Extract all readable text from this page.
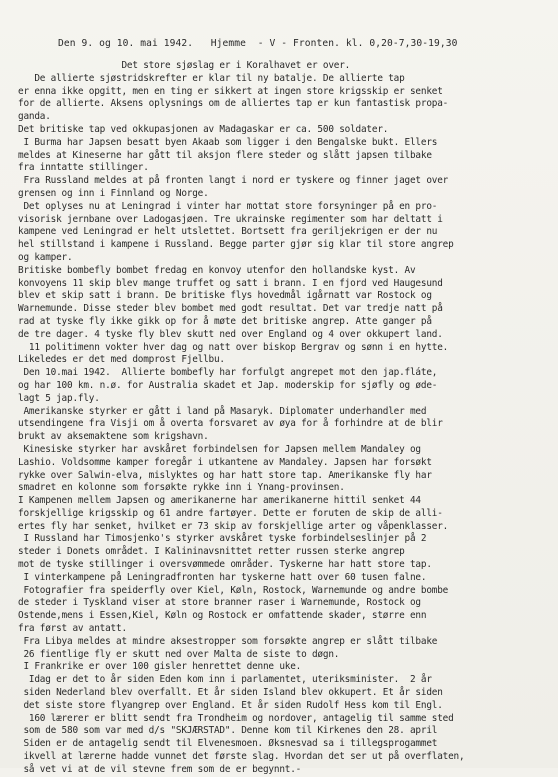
Den 9. og 10. mai 1942.   Hjemme  - V - Fronten. kl. 0,20-7,30-19,30
Det store sjøslag er i Koralhavet er over.
De allierte sjøstridskrefter er klar til ny batalje. De allierte tap
er enna ikke opgitt, men en ting er sikkert at ingen store krigsskip er senket
for de allierte. Aksens oplysnings om de alliertes tap er kun fantastisk propa-
ganda.
Det britiske tap ved okkupasjonen av Madagaskar er ca. 500 soldater.
I Burma har Japsen besatt byen Akaab som ligger i den Bengalske bukt. Ellers
meldes at Kineserne har gått til aksjon flere steder og slått japsen tilbake
fra inntatte stillinger.
Fra Russland meldes at på fronten langt i nord er tyskere og finner jaget over
grensen og inn i Finnland og Norge.
Det oplyses nu at Leningrad i vinter har mottat store forsyninger på en pro-
visorisk jernbane over Ladogasjøen. Tre ukrainske regimenter som har deltatt i
kampene ved Leningrad er helt utslettet. Bortsett fra geriljekrigen er der nu
hel stillstand i kampene i Russland. Begge parter gjør sig klar til store angrep
og kamper.
Britiske bombefly bombet fredag en konvoy utenfor den hollandske kyst. Av
konvoyens 11 skip blev mange truffet og satt i brann. I en fjord ved Haugesund
blev et skip satt i brann. De britiske flys hovedmål igårnatt var Rostock og
Warnemunde. Disse steder blev bombet med godt resultat. Det var tredje natt på
rad at tyske fly ikke gikk op for å møte det britiske angrep. Atte ganger på
de tre dager. 4 tyske fly blev skutt ned over England og 4 over okkupert land.
11 politimenn vokter hver dag og natt over biskop Bergrav og sønn i en hytte.
Likeledes er det med domprost Fjellbu.
Den 10.mai 1942.  Allierte bombefly har forfulgt angrepet mot den jap.fláte,
og har 100 km. n.ø. for Australia skadet et Jap. moderskip for sjøfly og øde-
lagt 5 jap.fly.
Amerikanske styrker er gått i land på Masaryk. Diplomater underhandler med
utsendingene fra Visji om å overta forsvaret av øya for å forhindre at de blir
brukt av aksemaktene som krigshavn.
Kinesiske styrker har avskåret forbindelsen for Japsen mellem Mandaley og
Lashio. Voldsomme kamper foregår i utkantene av Mandaley. Japsen har forsøkt
rykke over Salwin-elva, mislyktes og har hatt store tap. Amerikanske fly har
smadret en kolonne som forsøkte rykke inn i Ynang-provinsen.
I Kampenen mellem Japsen og amerikanerne har amerikanerne hittil senket 44
forskjellige krigsskip og 61 andre fartøyer. Dette er foruten de skip de alli-
ertes fly har senket, hvilket er 73 skip av forskjellige arter og våpenklasser.
I Russland har Timosjenko's styrker avskåret tyske forbindelseslinjer på 2
steder i Donets området. I Kalininavsnittet retter russen sterke angrep
mot de tyske stillinger i oversvømmede områder. Tyskerne har hatt store tap.
I vinterkampene på Leningradfronten har tyskerne hatt over 60 tusen falne.
Fotografier fra speiderfly over Kiel, Køln, Rostock, Warnemunde og andre bombe
de steder i Tyskland viser at store branner raser i Warnemunde, Rostock og
Ostende,mens i Essen,Kiel, Køln og Rostock er omfattende skader, større enn
fra først av antatt.
Fra Libya meldes at mindre aksestropper som forsøkte angrep er slått tilbake
26 fientlige fly er skutt ned over Malta de siste to døgn.
I Frankrike er over 100 gisler henrettet denne uke.
Idag er det to år siden Eden kom inn i parlamentet, uteriksminister.  2 år
siden Nederland blev overfallt. Et år siden Island blev okkupert. Et år siden
det siste store flyangrep over England. Et år siden Rudolf Hess kom til Engl.
160 lærerer er blitt sendt fra Trondheim og nordover, antagelig til samme sted
som de 580 som var med d/s "SKJÆRSTAD". Denne kom til Kirkenes den 28. april
Siden er de antagelig sendt til Elvenesmoen. Øksnesvad sa i tillegsprogammet
ikvell at lærerne hadde vunnet det første slag. Hvordan det ser ut på overflaten,
så vet vi at de vil stevne frem som de er begynnt.-
